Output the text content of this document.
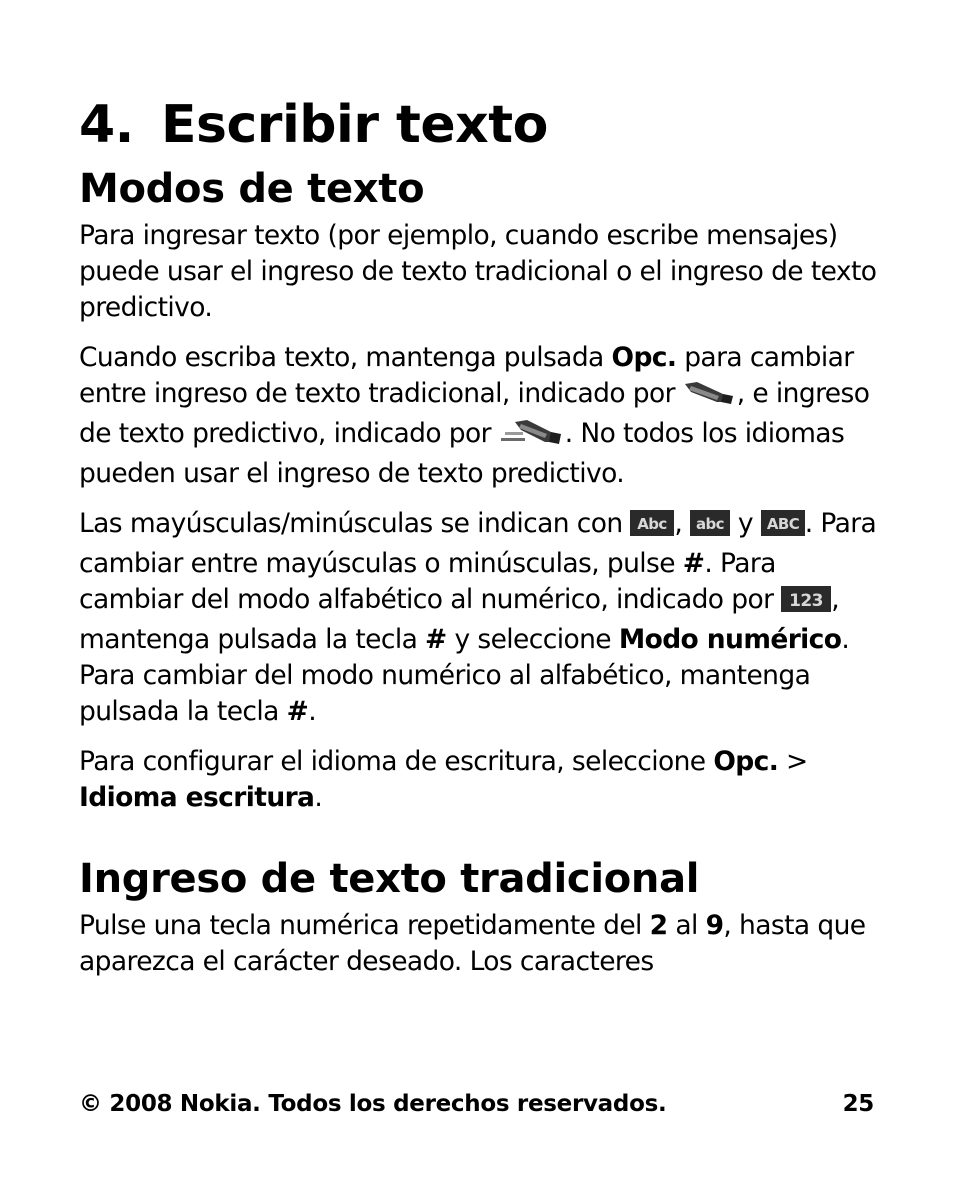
4. Escribir texto
Modos de texto

Para ingresar texto (por ejemplo, cuando escribe mensajes) puede usar el ingreso de texto tradicional o el ingreso de texto predictivo.

Cuando escriba texto, mantenga pulsada Opc. para cambiar entre ingreso de texto tradicional, indicado por , e ingreso de texto predictivo, indicado por . No todos los idiomas pueden usar el ingreso de texto predictivo.

Las mayúsculas/minúsculas se indican con Abc , abc y ABC . Para cambiar entre mayúsculas o minúsculas, pulse #. Para cambiar del modo alfabético al numérico, indicado por 123 , mantenga pulsada la tecla # y seleccione Modo numérico. Para cambiar del modo numérico al alfabético, mantenga pulsada la tecla #.

Para configurar el idioma de escritura, seleccione Opc. > Idioma escritura.

Ingreso de texto tradicional

Pulse una tecla numérica repetidamente del 2 al 9, hasta que aparezca el carácter deseado. Los caracteres

© 2008 Nokia. Todos los derechos reservados.	25
